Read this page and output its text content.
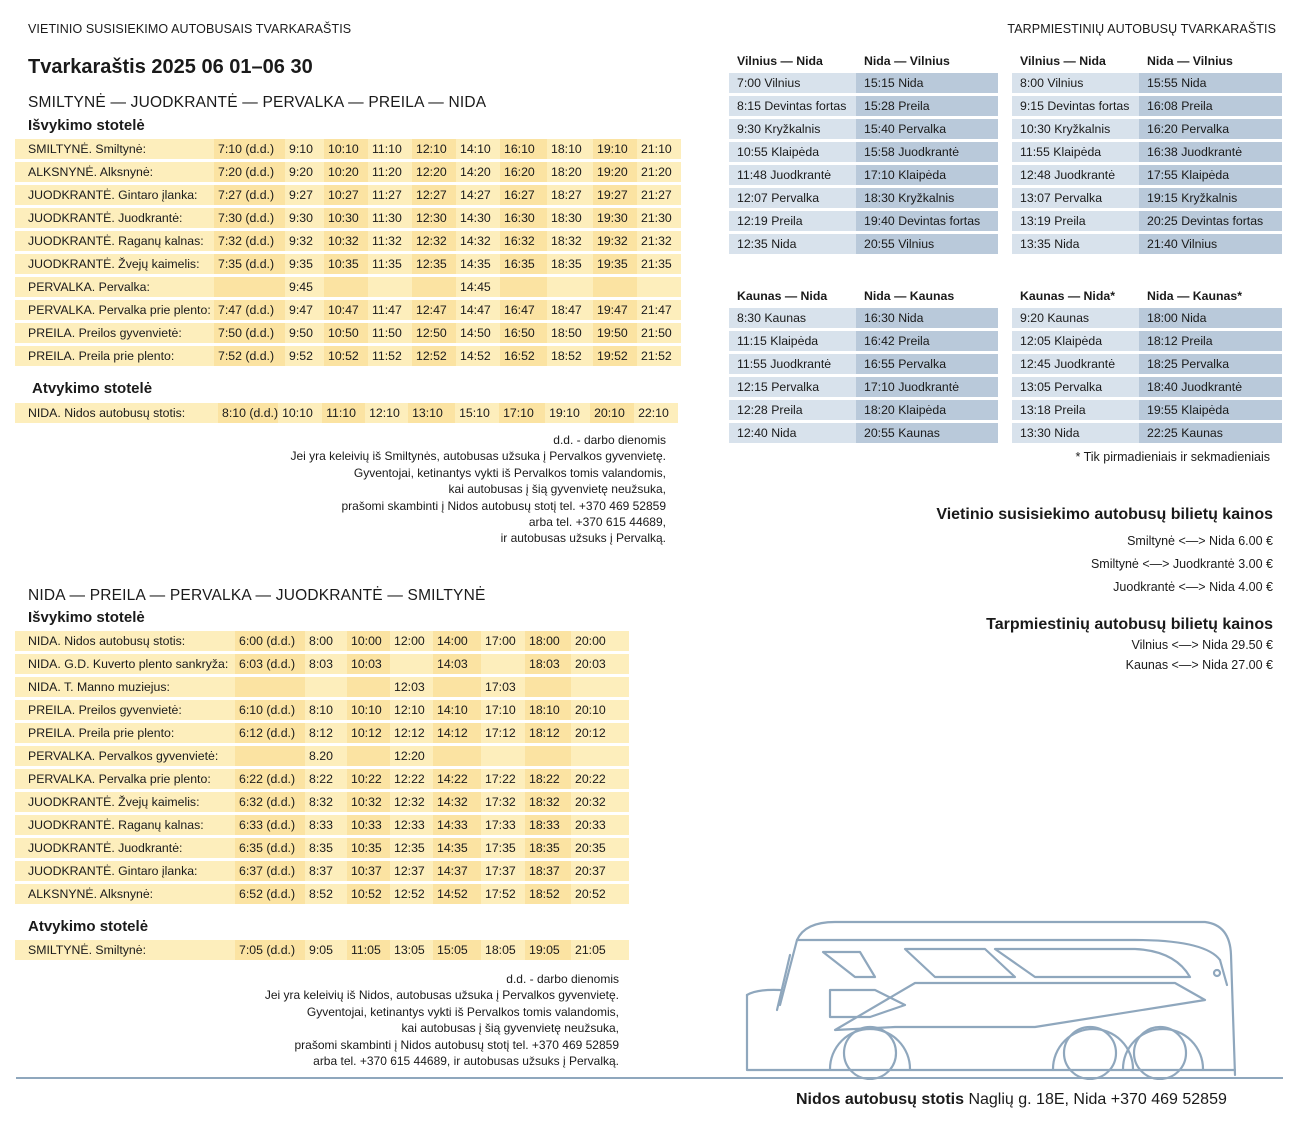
VIETINIO SUSISIEKIMO AUTOBUSAIS TVARKARAŠTIS	TARPMIESTINIŲ AUTOBUSŲ TVARKARAŠTIS
Tvarkaraštis 2025 06 01–06 30
SMILTYNĖ — JUODKRANTĖ — PERVALKA — PREILA — NIDA
Išvykimo stotelė
SMILTYNĖ. Smiltynė:	7:10 (d.d.)	9:10	10:10	11:10	12:10	14:10	16:10	18:10	19:10	21:10
ALKSNYNĖ. Alksnynė:	7:20 (d.d.)	9:20	10:20	11:20	12:20	14:20	16:20	18:20	19:20	21:20
JUODKRANTĖ. Gintaro įlanka:	7:27 (d.d.)	9:27	10:27	11:27	12:27	14:27	16:27	18:27	19:27	21:27
JUODKRANTĖ. Juodkrantė:	7:30 (d.d.)	9:30	10:30	11:30	12:30	14:30	16:30	18:30	19:30	21:30
JUODKRANTĖ. Raganų kalnas:	7:32 (d.d.)	9:32	10:32	11:32	12:32	14:32	16:32	18:32	19:32	21:32
JUODKRANTĖ. Žvejų kaimelis:	7:35 (d.d.)	9:35	10:35	11:35	12:35	14:35	16:35	18:35	19:35	21:35
PERVALKA. Pervalka:		9:45				14:45				
PERVALKA. Pervalka prie plento:	7:47 (d.d.)	9:47	10:47	11:47	12:47	14:47	16:47	18:47	19:47	21:47
PREILA. Preilos gyvenvietė:	7:50 (d.d.)	9:50	10:50	11:50	12:50	14:50	16:50	18:50	19:50	21:50
PREILA. Preila prie plento:	7:52 (d.d.)	9:52	10:52	11:52	12:52	14:52	16:52	18:52	19:52	21:52
Atvykimo stotelė
NIDA. Nidos autobusų stotis:	8:10 (d.d.)	10:10	11:10	12:10	13:10	15:10	17:10	19:10	20:10	22:10
d.d. - darbo dienomis
Jei yra keleivių iš Smiltynės, autobusas užsuka į Pervalkos gyvenvietę.
Gyventojai, ketinantys vykti iš Pervalkos tomis valandomis,
kai autobusas į šią gyvenvietę neužsuka,
prašomi skambinti į Nidos autobusų stotį tel. +370 469 52859
arba tel. +370 615 44689,
ir autobusas užsuks į Pervalką.
NIDA — PREILA — PERVALKA — JUODKRANTĖ — SMILTYNĖ
Išvykimo stotelė
NIDA. Nidos autobusų stotis:	6:00 (d.d.)	8:00	10:00	12:00	14:00	17:00	18:00	20:00
NIDA. G.D. Kuverto plento sankryža:	6:03 (d.d.)	8:03	10:03		14:03		18:03	20:03
NIDA. T. Manno muziejus:				12:03		17:03		
PREILA. Preilos gyvenvietė:	6:10 (d.d.)	8:10	10:10	12:10	14:10	17:10	18:10	20:10
PREILA. Preila prie plento:	6:12 (d.d.)	8:12	10:12	12:12	14:12	17:12	18:12	20:12
PERVALKA. Pervalkos gyvenvietė:		8.20		12:20				
PERVALKA. Pervalka prie plento:	6:22 (d.d.)	8:22	10:22	12:22	14:22	17:22	18:22	20:22
JUODKRANTĖ. Žvejų kaimelis:	6:32 (d.d.)	8:32	10:32	12:32	14:32	17:32	18:32	20:32
JUODKRANTĖ. Raganų kalnas:	6:33 (d.d.)	8:33	10:33	12:33	14:33	17:33	18:33	20:33
JUODKRANTĖ. Juodkrantė:	6:35 (d.d.)	8:35	10:35	12:35	14:35	17:35	18:35	20:35
JUODKRANTĖ. Gintaro įlanka:	6:37 (d.d.)	8:37	10:37	12:37	14:37	17:37	18:37	20:37
ALKSNYNĖ. Alksnynė:	6:52 (d.d.)	8:52	10:52	12:52	14:52	17:52	18:52	20:52
Atvykimo stotelė
SMILTYNĖ. Smiltynė:	7:05 (d.d.)	9:05	11:05	13:05	15:05	18:05	19:05	21:05
d.d. - darbo dienomis
Jei yra keleivių iš Nidos, autobusas užsuka į Pervalkos gyvenvietę.
Gyventojai, ketinantys vykti iš Pervalkos tomis valandomis,
kai autobusas į šią gyvenvietę neužsuka,
prašomi skambinti į Nidos autobusų stotį tel. +370 469 52859
arba tel. +370 615 44689, ir autobusas užsuks į Pervalką.
Vilnius — Nida	Nida — Vilnius
7:00 Vilnius	15:15 Nida
8:15 Devintas fortas	15:28 Preila
9:30 Kryžkalnis	15:40 Pervalka
10:55 Klaipėda	15:58 Juodkrantė
11:48 Juodkrantė	17:10 Klaipėda
12:07 Pervalka	18:30 Kryžkalnis
12:19 Preila	19:40 Devintas fortas
12:35 Nida	20:55 Vilnius
Vilnius — Nida	Nida — Vilnius
8:00 Vilnius	15:55 Nida
9:15 Devintas fortas	16:08 Preila
10:30 Kryžkalnis	16:20 Pervalka
11:55 Klaipėda	16:38 Juodkrantė
12:48 Juodkrantė	17:55 Klaipėda
13:07 Pervalka	19:15 Kryžkalnis
13:19 Preila	20:25 Devintas fortas
13:35 Nida	21:40 Vilnius
Kaunas — Nida	Nida — Kaunas
8:30 Kaunas	16:30 Nida
11:15 Klaipėda	16:42 Preila
11:55 Juodkrantė	16:55 Pervalka
12:15 Pervalka	17:10 Juodkrantė
12:28 Preila	18:20 Klaipėda
12:40 Nida	20:55 Kaunas
Kaunas — Nida*	Nida — Kaunas*
9:20 Kaunas	18:00 Nida
12:05 Klaipėda	18:12 Preila
12:45 Juodkrantė	18:25 Pervalka
13:05 Pervalka	18:40 Juodkrantė
13:18 Preila	19:55 Klaipėda
13:30 Nida	22:25 Kaunas
* Tik pirmadieniais ir sekmadieniais
Vietinio susisiekimo autobusų bilietų kainos
Smiltynė <—> Nida 6.00 €
Smiltynė <—> Juodkrantė 3.00 €
Juodkrantė <—> Nida 4.00 €
Tarpmiestinių autobusų bilietų kainos
Vilnius <—> Nida 29.50 €
Kaunas <—> Nida 27.00 €
Nidos autobusų stotis Naglių g. 18E, Nida +370 469 52859
